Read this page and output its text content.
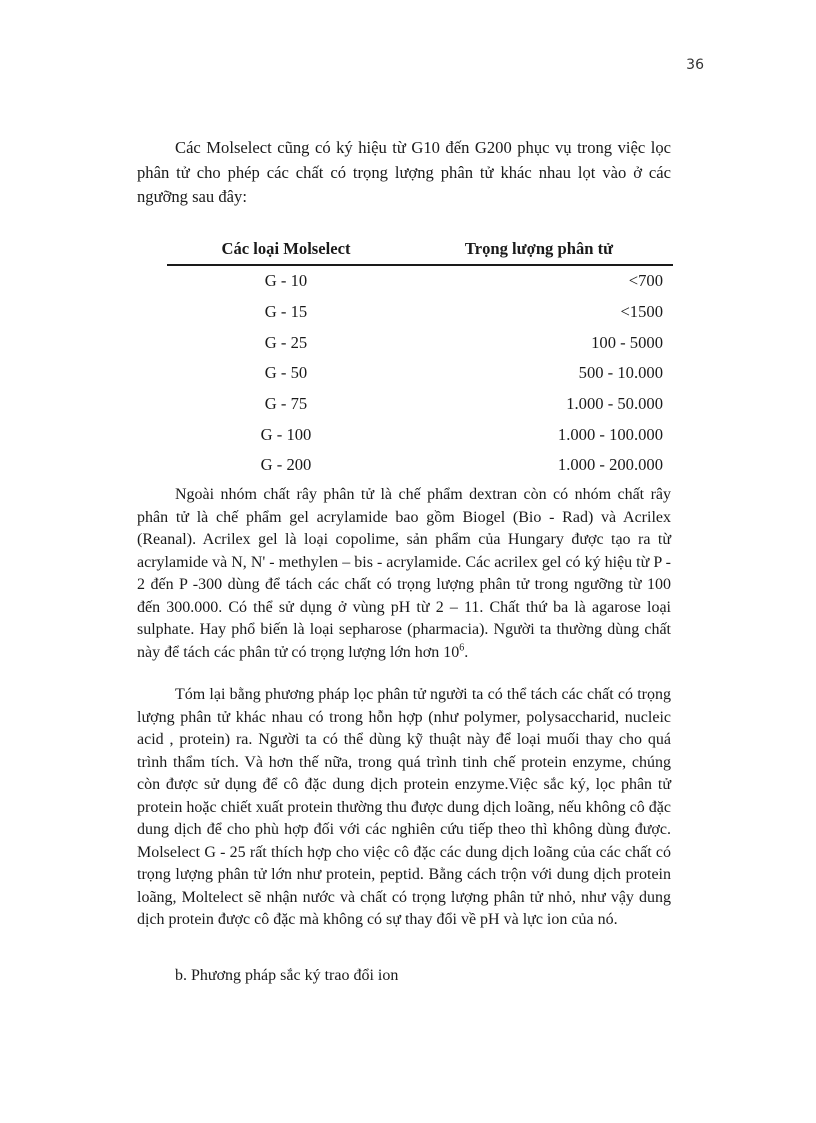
36

Các Molselect cũng có ký hiệu từ G10 đến G200 phục vụ trong việc lọc phân tử cho phép các chất có trọng lượng phân tử khác nhau lọt vào ở các ngưỡng sau đây:

Các loại Molselect	Trọng lượng phân tử
G - 10	<700
G - 15	<1500
G - 25	100 - 5000
G - 50	500 - 10.000
G - 75	1.000 - 50.000
G - 100	1.000 - 100.000
G - 200	1.000 - 200.000

Ngoài nhóm chất rây phân tử là chế phẩm dextran còn có nhóm chất rây phân tử là chế phẩm gel acrylamide bao gồm Biogel (Bio - Rad) và Acrilex (Reanal). Acrilex gel là loại copolime, sản phẩm của Hungary được tạo ra từ acrylamide và N, N' - methylen – bis - acrylamide. Các acrilex gel có ký hiệu từ P - 2 đến P -300 dùng để tách các chất có trọng lượng phân tử trong ngưỡng từ 100 đến 300.000. Có thể sử dụng ở vùng pH từ 2 – 11. Chất thứ ba là agarose loại sulphate. Hay phổ biến là loại sepharose (pharmacia). Người ta thường dùng chất này để tách các phân tử có trọng lượng lớn hơn $10^6$.

Tóm lại bằng phương pháp lọc phân tử người ta có thể tách các chất có trọng lượng phân tử khác nhau có trong hỗn hợp (như polymer, polysaccharid, nucleic acid , protein) ra. Người ta có thể dùng kỹ thuật này để loại muối thay cho quá trình thẩm tích. Và hơn thế nữa, trong quá trình tinh chế protein enzyme, chúng còn được sử dụng để cô đặc dung dịch protein enzyme.Việc sắc ký, lọc phân tử protein hoặc chiết xuất protein thường thu được dung dịch loãng, nếu không cô đặc dung dịch để cho phù hợp đối với các nghiên cứu tiếp theo thì không dùng được. Molselect G - 25 rất thích hợp cho việc cô đặc các dung dịch loãng của các chất có trọng lượng phân tử lớn như protein, peptid. Bằng cách trộn với dung dịch protein loãng, Moltelect sẽ nhận nước và chất có trọng lượng phân tử nhỏ, như vậy dung dịch protein được cô đặc mà không có sự thay đổi về pH và lực ion của nó.

b. Phương pháp sắc ký trao đổi ion
